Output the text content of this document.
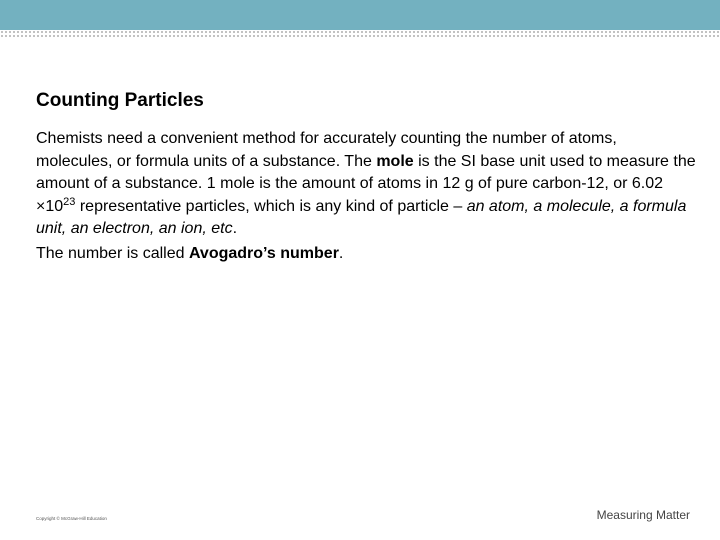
Counting Particles

Chemists need a convenient method for accurately counting the number of atoms, molecules, or formula units of a substance. The mole is the SI base unit used to measure the amount of a substance. 1 mole is the amount of atoms in 12 g of pure carbon-12, or $6.02 \times 10^{23}$ representative particles, which is any kind of particle – an atom, a molecule, a formula unit, an electron, an ion, etc.

The number is called Avogadro’s number.

Copyright © McGraw-Hill Education	Measuring Matter
